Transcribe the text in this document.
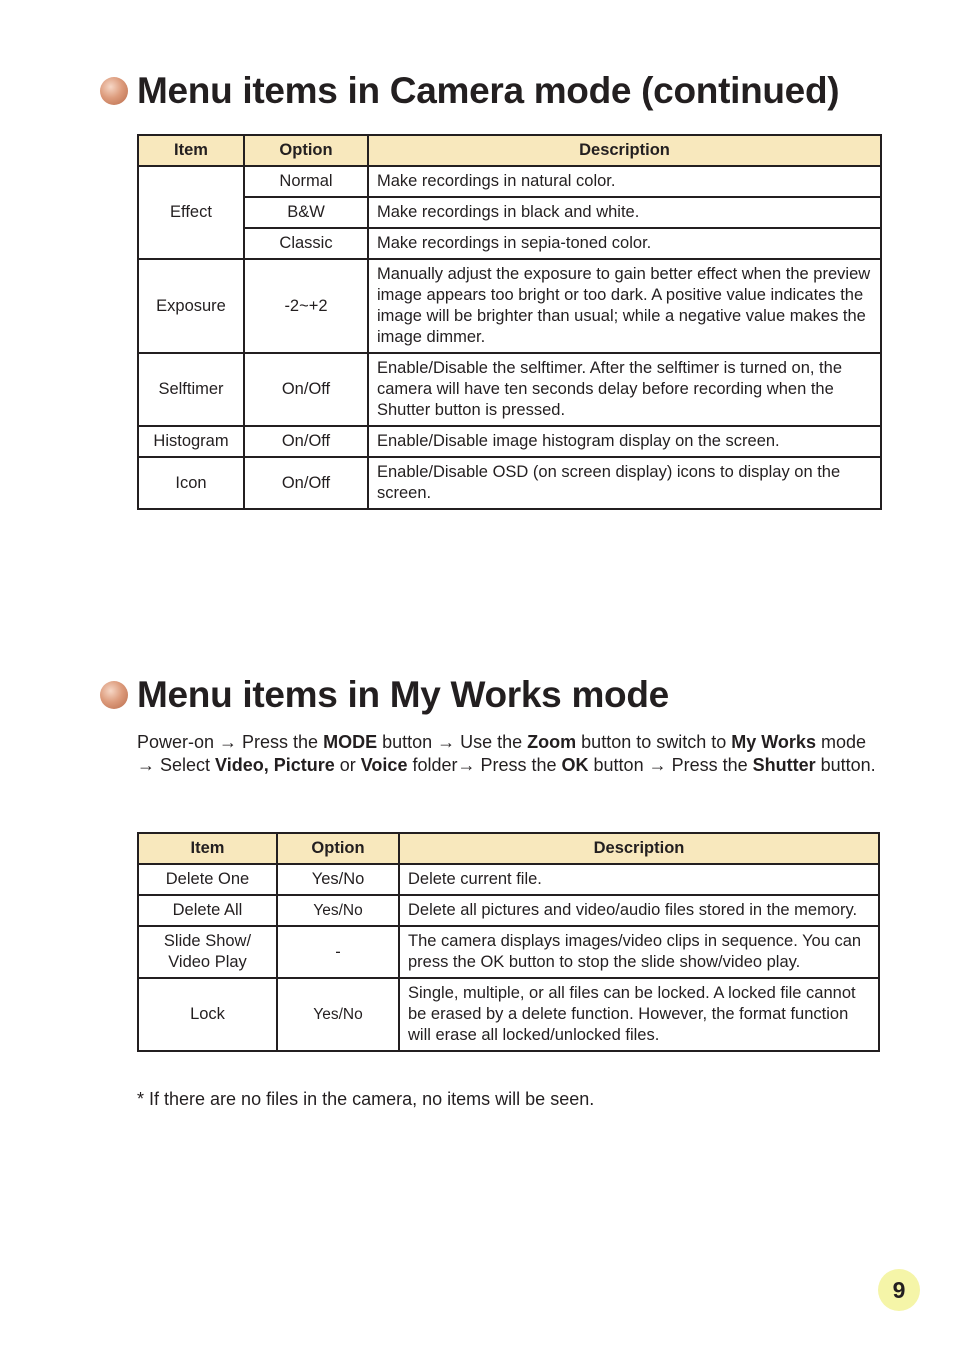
Menu items in Camera mode (continued)
Item	Option	Description
Effect	Normal	Make recordings in natural color.
	B&W	Make recordings in black and white.
	Classic	Make recordings in sepia-toned color.
Exposure	-2~+2	Manually adjust the exposure to gain better effect when the preview image appears too bright or too dark. A positive value indicates the image will be brighter than usual; while a negative value makes the image dimmer.
Selftimer	On/Off	Enable/Disable the selftimer. After the selftimer is turned on, the camera will have ten seconds delay before recording when the Shutter button is pressed.
Histogram	On/Off	Enable/Disable image histogram display on the screen.
Icon	On/Off	Enable/Disable OSD (on screen display) icons to display on the screen.
Menu items in My Works mode

Power-on → Press the MODE button → Use the Zoom button to switch to My Works mode → Select Video, Picture or Voice folder→ Press the OK button → Press the Shutter button.

Item	Option	Description
Delete One	Yes/No	Delete current file.
Delete All	Yes/No	Delete all pictures and video/audio files stored in the memory.
Slide Show/
Video Play	-	The camera displays images/video clips in sequence. You can press the OK button to stop the slide show/video play.
Lock	Yes/No	Single, multiple, or all files can be locked. A locked file cannot be erased by a delete function. However, the format function will erase all locked/unlocked files.

* If there are no files in the camera, no items will be seen.

9
